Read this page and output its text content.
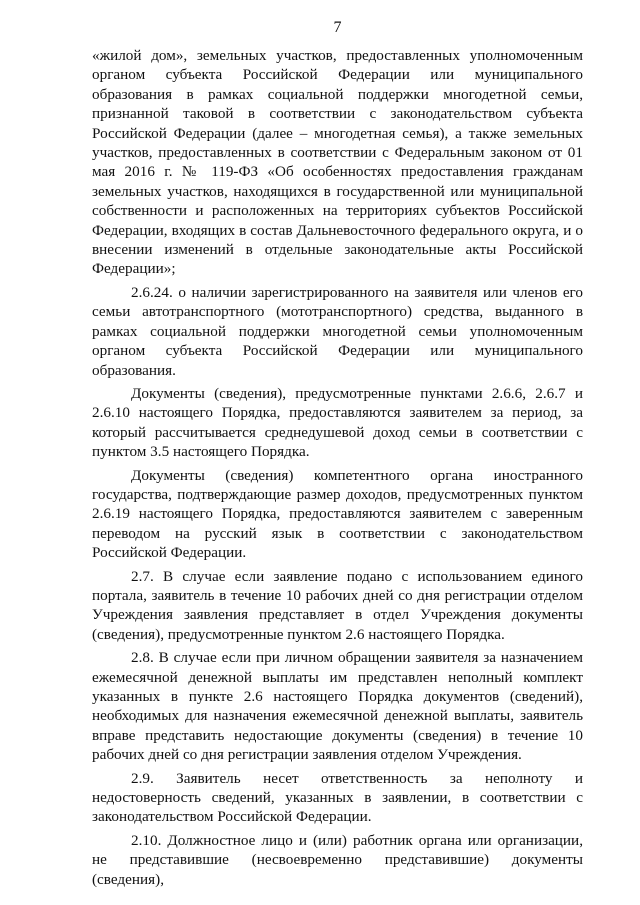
7

«жилой дом», земельных участков, предоставленных уполномоченным органом субъекта Российской Федерации или муниципального образования в рамках социальной поддержки многодетной семьи, признанной таковой в соответствии с законодательством субъекта Российской Федерации (далее – многодетная семья), а также земельных участков, предоставленных в соответствии с Федеральным законом от 01 мая 2016 г. № 119-ФЗ «Об особенностях предоставления гражданам земельных участков, находящихся в государственной или муниципальной собственности и расположенных на территориях субъектов Российской Федерации, входящих в состав Дальневосточного федерального округа, и о внесении изменений в отдельные законодательные акты Российской Федерации»;

2.6.24. о наличии зарегистрированного на заявителя или членов его семьи автотранспортного (мототранспортного) средства, выданного в рамках социальной поддержки многодетной семьи уполномоченным органом субъекта Российской Федерации или муниципального образования.

Документы (сведения), предусмотренные пунктами 2.6.6, 2.6.7 и 2.6.10 настоящего Порядка, предоставляются заявителем за период, за который рассчитывается среднедушевой доход семьи в соответствии с пунктом 3.5 настоящего Порядка.

Документы (сведения) компетентного органа иностранного государства, подтверждающие размер доходов, предусмотренных пунктом 2.6.19 настоящего Порядка, предоставляются заявителем с заверенным переводом на русский язык в соответствии с законодательством Российской Федерации.

2.7. В случае если заявление подано с использованием единого портала, заявитель в течение 10 рабочих дней со дня регистрации отделом Учреждения заявления представляет в отдел Учреждения документы (сведения), предусмотренные пунктом 2.6 настоящего Порядка.

2.8. В случае если при личном обращении заявителя за назначением ежемесячной денежной выплаты им представлен неполный комплект указанных в пункте 2.6 настоящего Порядка документов (сведений), необходимых для назначения ежемесячной денежной выплаты, заявитель вправе представить недостающие документы (сведения) в течение 10 рабочих дней со дня регистрации заявления отделом Учреждения.

2.9. Заявитель несет ответственность за неполноту и недостоверность сведений, указанных в заявлении, в соответствии с законодательством Российской Федерации.

2.10. Должностное лицо и (или) работник органа или организации, не представившие (несвоевременно представившие) документы (сведения),
